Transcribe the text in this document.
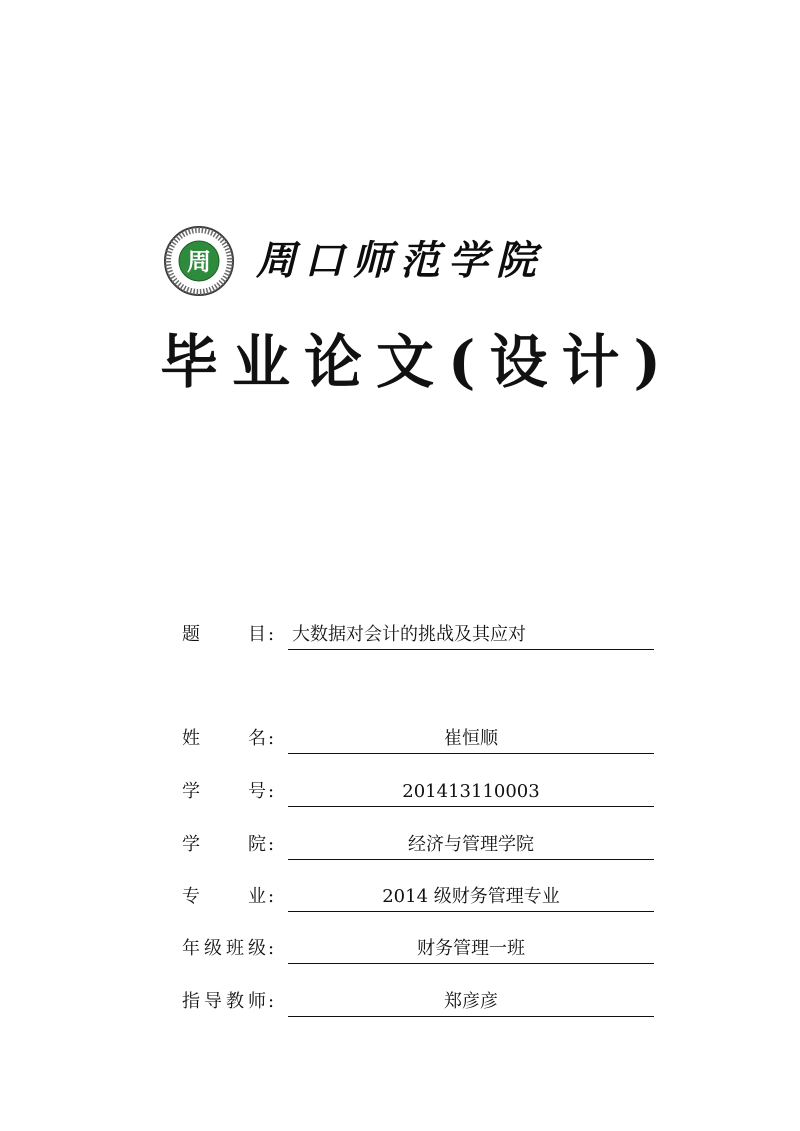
周 周口师范学院
毕业论文(设计)
题	目 : 大数据对会计的挑战及其应对
姓	名 :	崔恒顺
学	号 :	201413110003
学	院 :	经济与管理学院
专	业 :	2014 级财务管理专业
年 级 班 级 :	财务管理一班
指 导 教 师 :	郑彦彦
